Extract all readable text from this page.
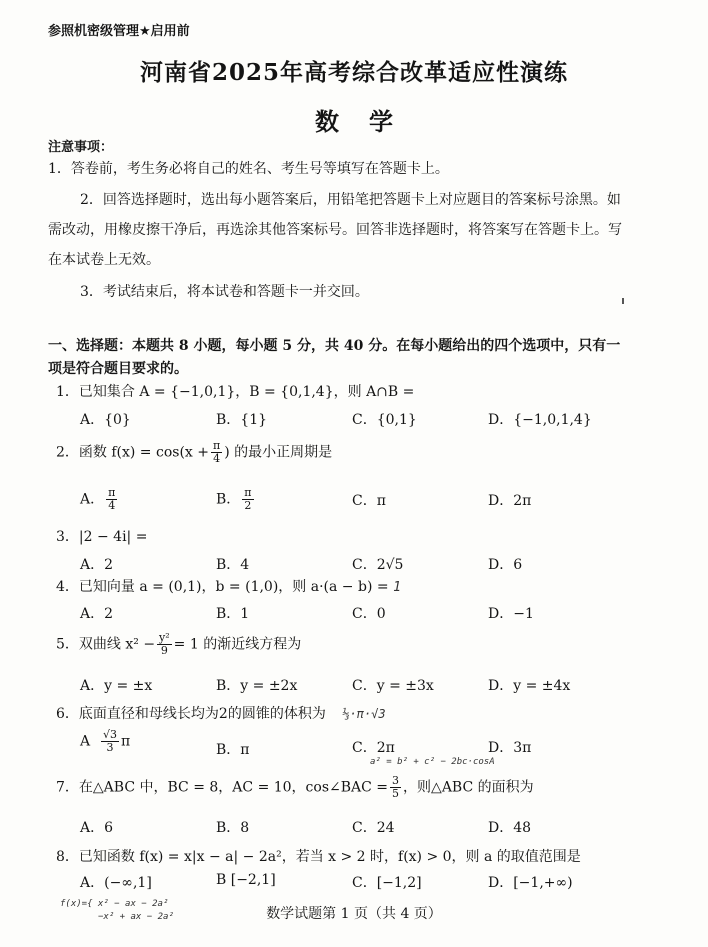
参照机密级管理★启用前
河南省2025年高考综合改革适应性演练
数学
注意事项：
1．答卷前，考生务必将自己的姓名、考生号等填写在答题卡上。
2．回答选择题时，选出每小题答案后，用铅笔把答题卡上对应题目的答案标号涂黑。如需改动，用橡皮擦干净后，再选涂其他答案标号。回答非选择题时，将答案写在答题卡上。写在本试卷上无效。
3．考试结束后，将本试卷和答题卡一并交回。
一、选择题：本题共 8 小题，每小题 5 分，共 40 分。在每小题给出的四个选项中，只有一项是符合题目要求的。
1．已知集合 A = {−1,0,1}，B = {0,1,4}，则 A∩B =
A．{0}	B．{1}	C．{0,1}	D．{−1,0,1,4}
2．函数 $f(x) = \cos(x + \frac{\pi}{4}$ ) 的最小正周期是
A． $\frac{\pi}{4}$	B． $\frac{\pi}{2}$	C．π	D．2π
3．|2 − 4i| =
A．2	B．4	C．2√5	D．6
4．已知向量 a = (0,1)，b = (1,0)，则 a·(a − b) = 1
A．2	B．1	C．0	D．−1
5．双曲线 $x^2 - \frac{\text{y²}}{9} = 1$ 的渐近线方程为
A．y = ±x	B．y = ±2x	C．y = ±3x	D．y = ±4x
6．底面直径和母线长均为2的圆锥的体积为 ⅓·π·√3
A $\frac{√3}{3}$ π
B．π	C．2π	D．3π
a² = b² + c² − 2bc·cosA
7．在△ABC 中，BC = 8，AC = 10，cos∠BAC = $\frac{3}{5}$ ，则△ABC 的面积为
A．6	B．8	C．24	D．48
8．已知函数 f(x) = x|x − a| − 2a²，若当 x > 2 时，f(x) > 0，则 a 的取值范围是
A．(−∞,1]	B [−2,1]	C．[−1,2]	D．[−1,+∞)
f(x)={ x² − ax − 2a²
−x² + ax − 2a²	数学试题第 1 页（共 4 页）
